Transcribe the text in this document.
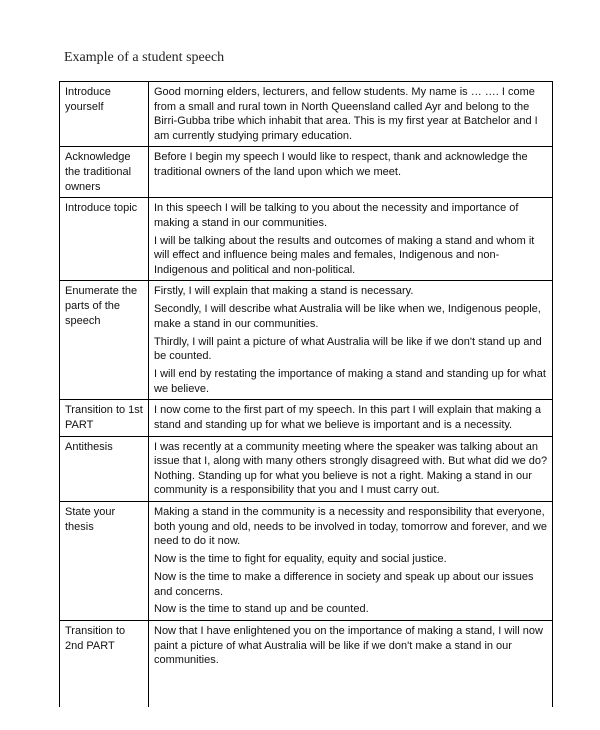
Example of a student speech
Introduce yourself	Good morning elders, lecturers, and fellow students. My name is … …. I come from a small and rural town in North Queensland called Ayr and belong to the Birri-Gubba tribe which inhabit that area. This is my first year at Batchelor and I am currently studying primary education.

Acknowledge the traditional owners	Before I begin my speech I would like to respect, thank and acknowledge the traditional owners of the land upon which we meet.

Introduce topic	In this speech I will be talking to you about the necessity and importance of making a stand in our communities.

I will be talking about the results and outcomes of making a stand and whom it will effect and influence being males and females, Indigenous and non-Indigenous and political and non-political.

Enumerate the parts of the speech	Firstly, I will explain that making a stand is necessary.

Secondly, I will describe what Australia will be like when we, Indigenous people, make a stand in our communities.

Thirdly, I will paint a picture of what Australia will be like if we don't stand up and be counted.

I will end by restating the importance of making a stand and standing up for what we believe.

Transition to 1st PART	I now come to the first part of my speech. In this part I will explain that making a stand and standing up for what we believe is important and is a necessity.

Antithesis	I was recently at a community meeting where the speaker was talking about an issue that I, along with many others strongly disagreed with. But what did we do? Nothing. Standing up for what you believe is not a right. Making a stand in our community is a responsibility that you and I must carry out.

State your thesis	Making a stand in the community is a necessity and responsibility that everyone, both young and old, needs to be involved in today, tomorrow and forever, and we need to do it now.

Now is the time to fight for equality, equity and social justice.

Now is the time to make a difference in society and speak up about our issues and concerns.

Now is the time to stand up and be counted.

Transition to 2nd PART	Now that I have enlightened you on the importance of making a stand, I will now paint a picture of what Australia will be like if we don't make a stand in our communities.
